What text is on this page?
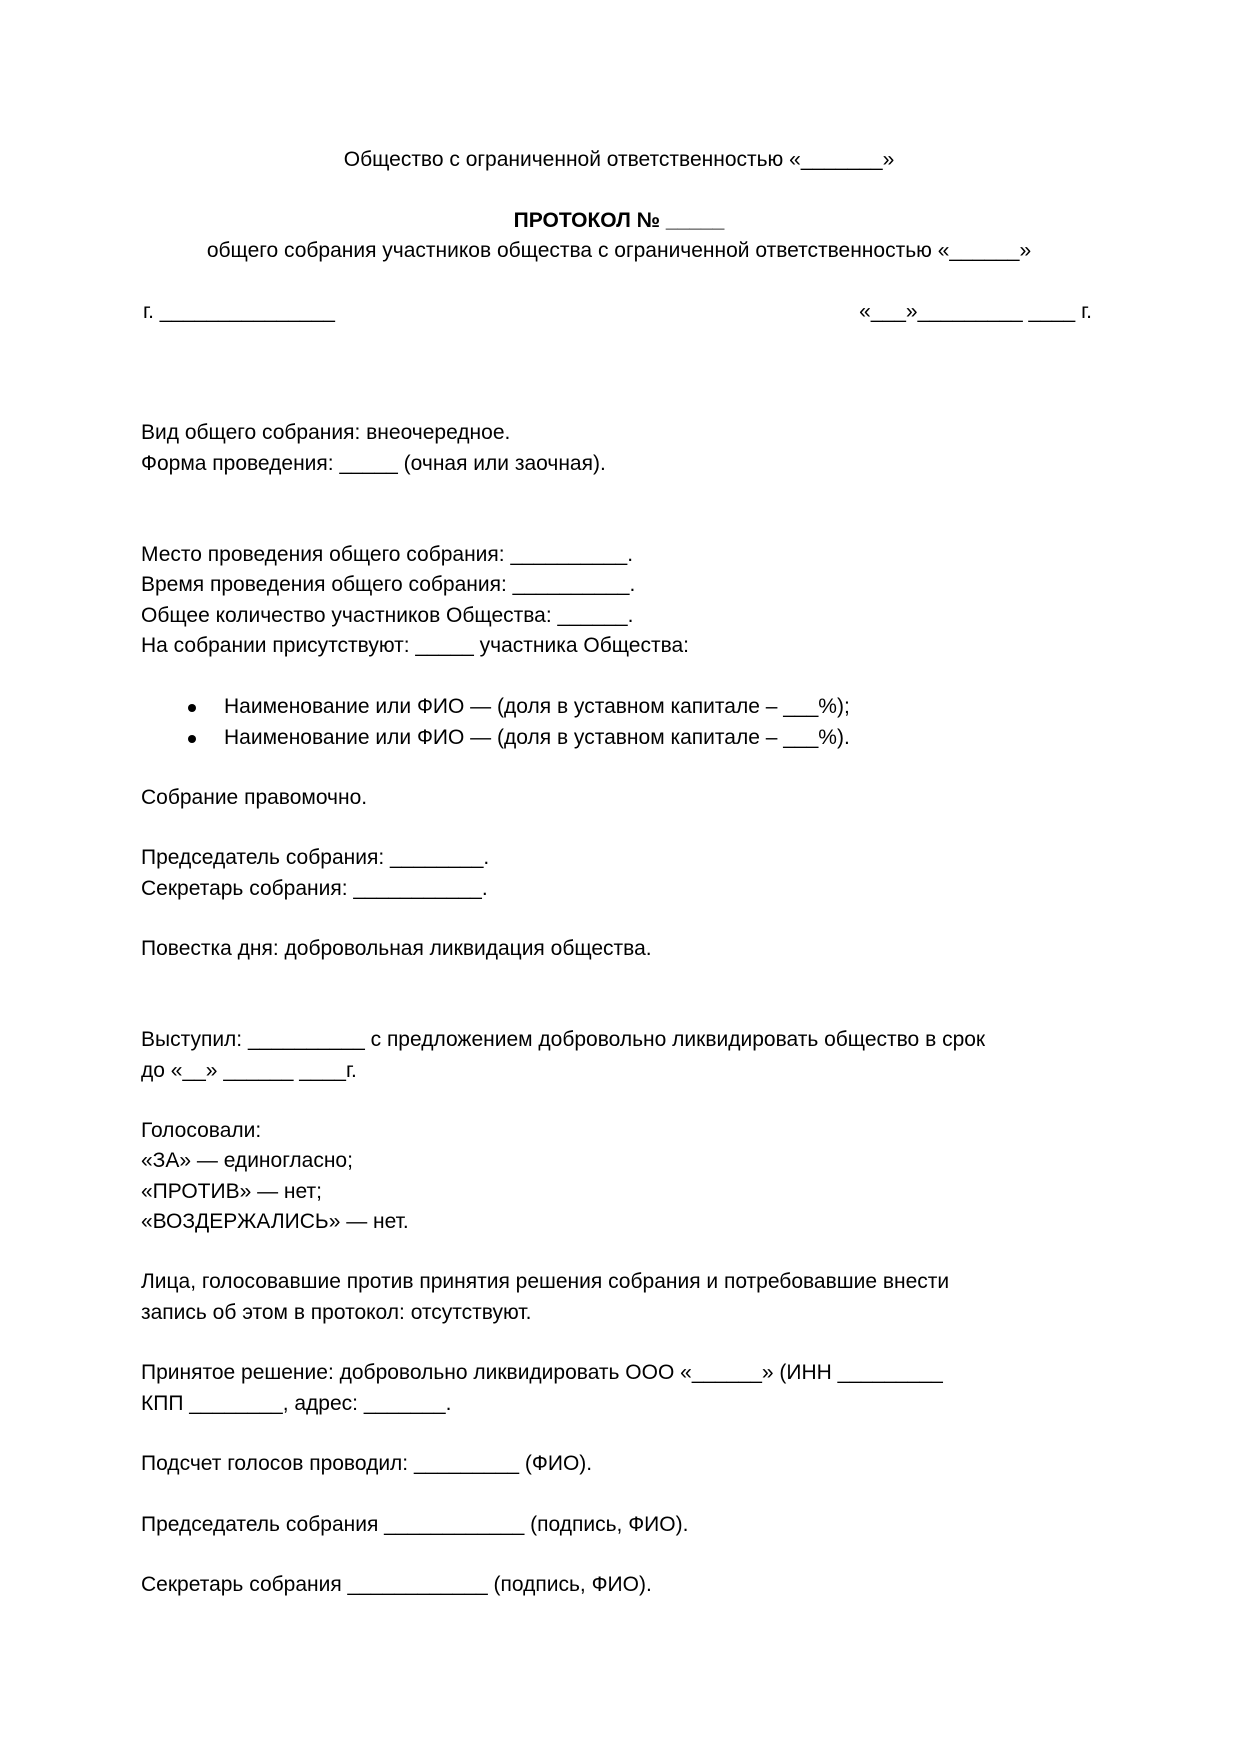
Общество с ограниченной ответственностью «_______»
ПРОТОКОЛ № _____
общего собрания участников общества с ограниченной ответственностью «______»
г. _______________	«___»_________ ____ г.
Вид общего собрания: внеочередное.
Форма проведения: _____ (очная или заочная).
Место проведения общего собрания: __________.
Время проведения общего собрания: __________.
Общее количество участников Общества: ______.
На собрании присутствуют: _____ участника Общества:
Наименование или ФИО — (доля в уставном капитале – ___%);
Наименование или ФИО — (доля в уставном капитале – ___%).
Собрание правомочно.
Председатель собрания: ________.
Секретарь собрания: ___________.
Повестка дня: добровольная ликвидация общества.
Выступил: __________ с предложением добровольно ликвидировать общество в срок
до «__» ______ ____г.
Голосовали:
«ЗА» — единогласно;
«ПРОТИВ» — нет;
«ВОЗДЕРЖАЛИСЬ» — нет.
Лица, голосовавшие против принятия решения собрания и потребовавшие внести
запись об этом в протокол: отсутствуют.
Принятое решение: добровольно ликвидировать ООО «______» (ИНН _________
КПП ________, адрес: _______.
Подсчет голосов проводил: _________ (ФИО).
Председатель собрания ____________ (подпись, ФИО).
Секретарь собрания ____________ (подпись, ФИО).
